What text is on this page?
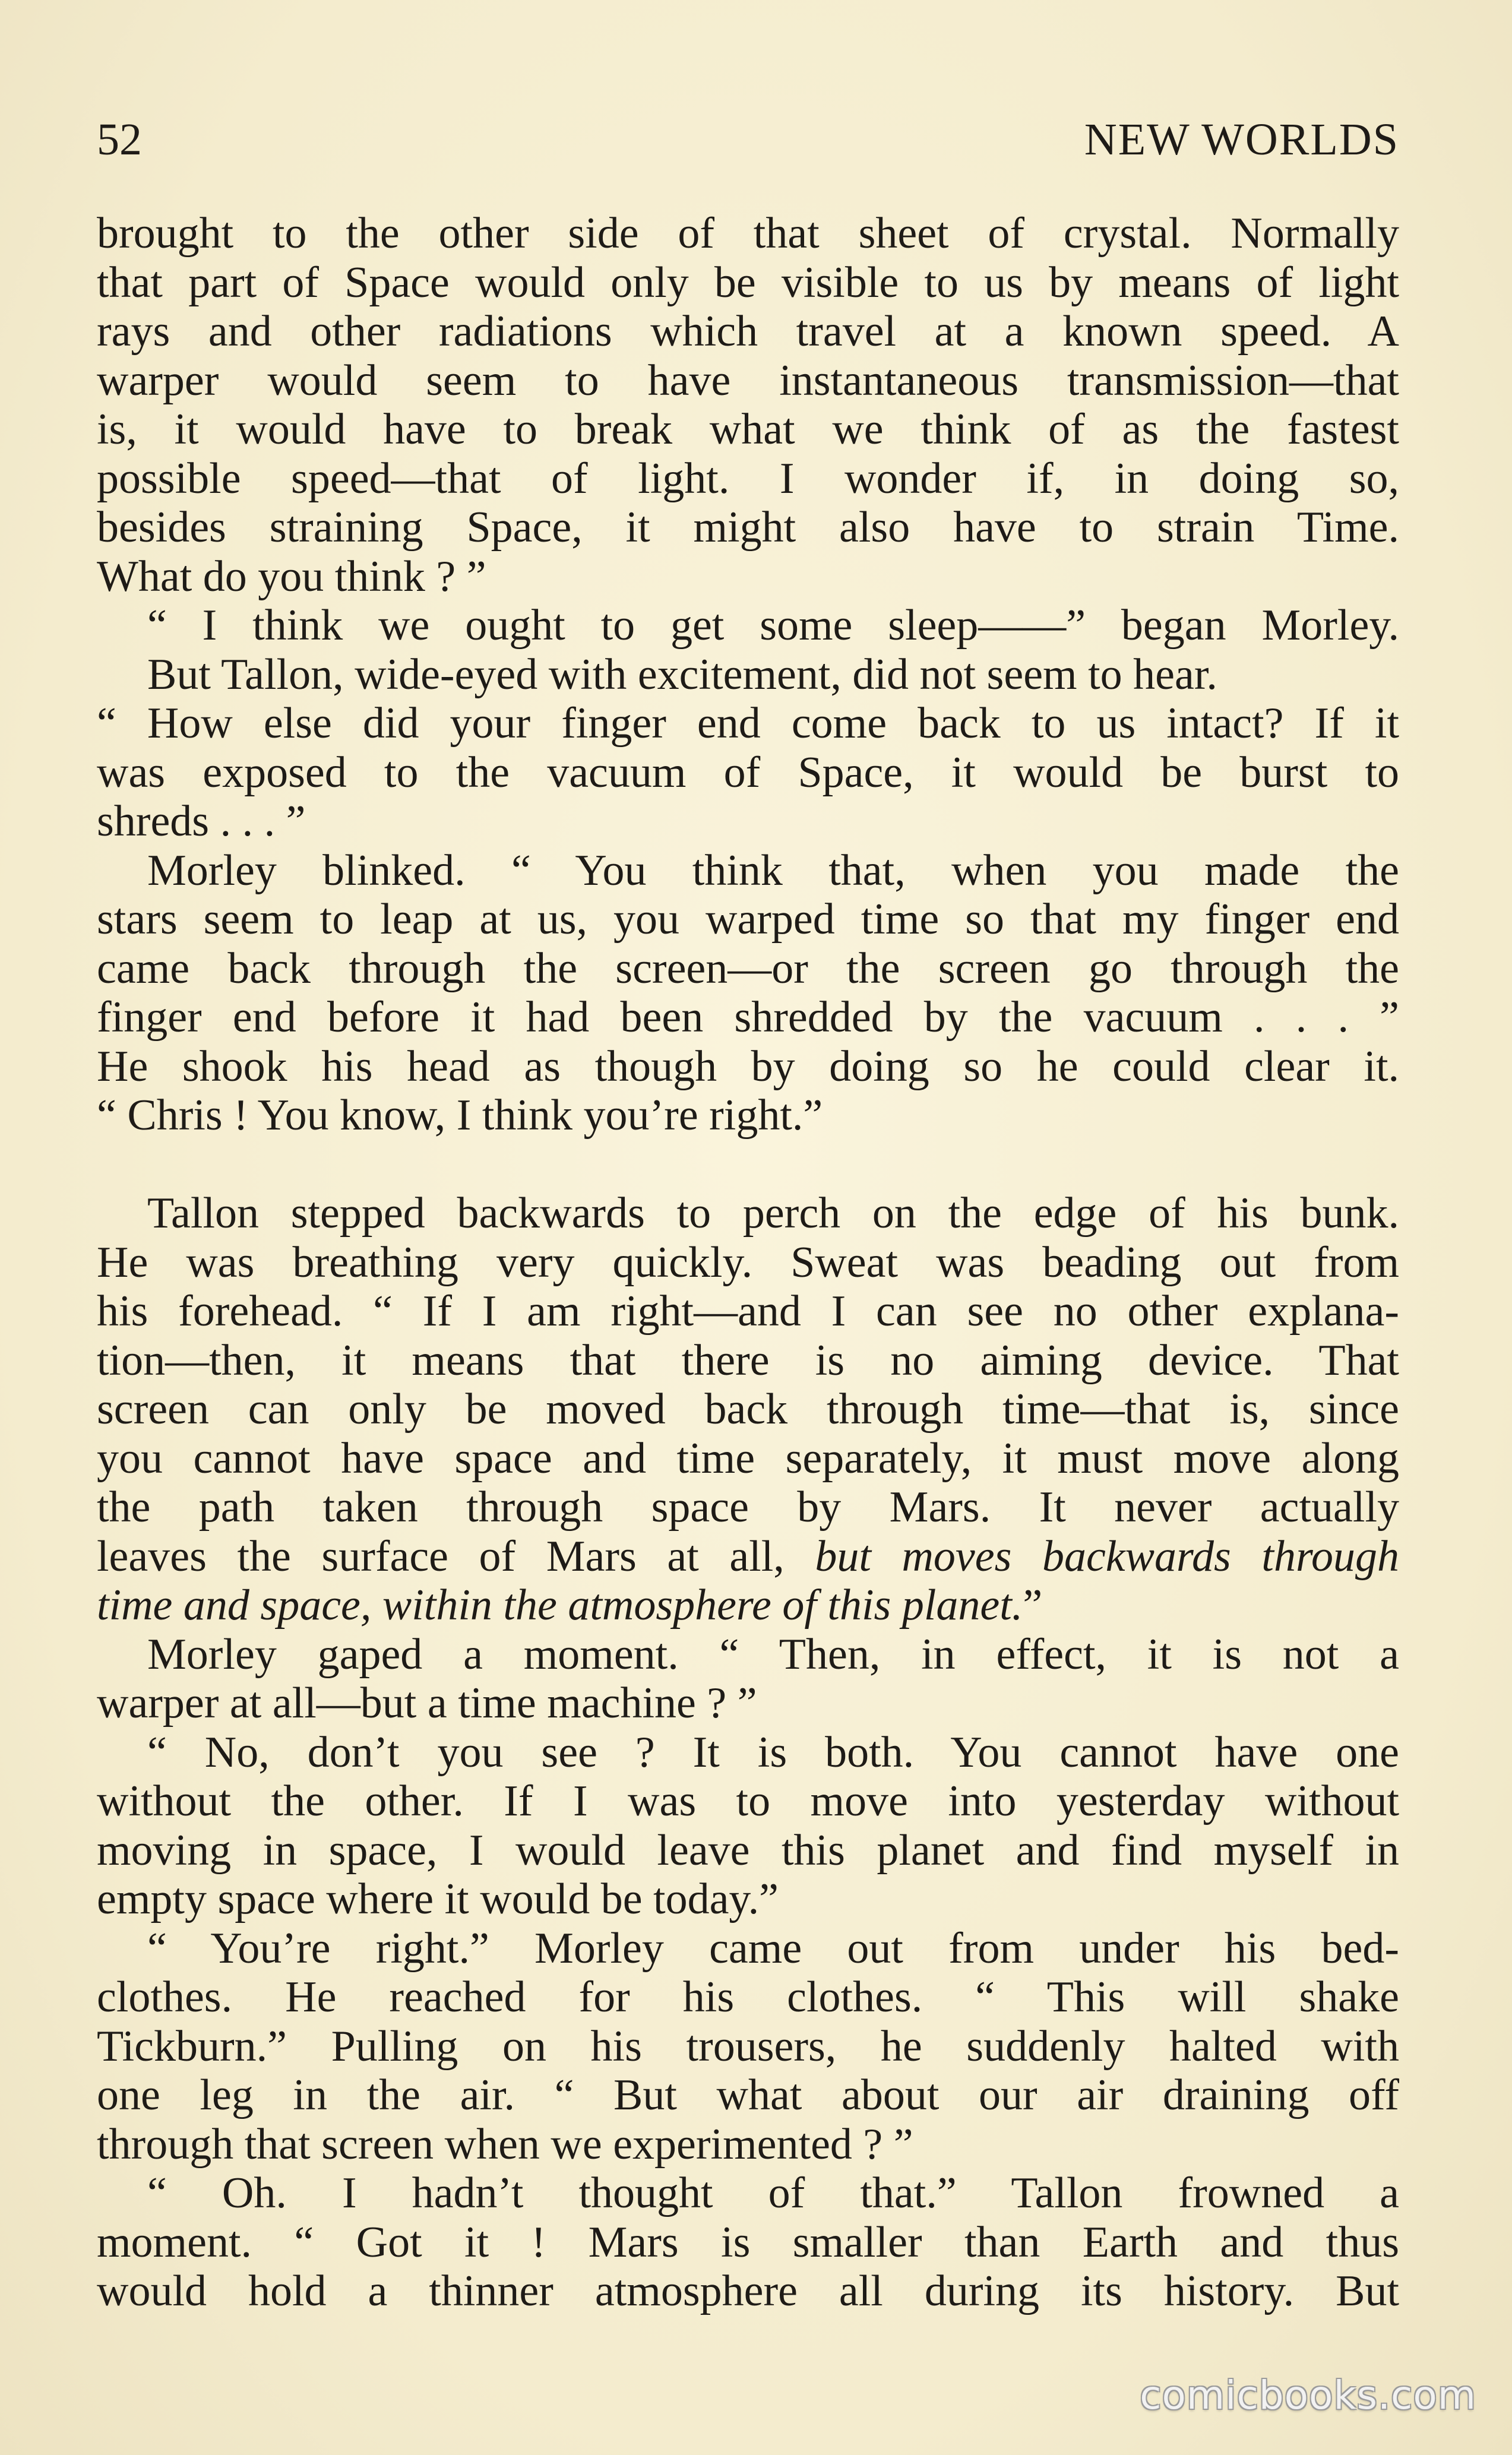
52	NEW WORLDS
brought to the other side of that sheet of crystal. Normally
that part of Space would only be visible to us by means of light
rays and other radiations which travel at a known speed. A
warper would seem to have instantaneous transmission—that
is, it would have to break what we think of as the fastest
possible speed—that of light. I wonder if, in doing so,
besides straining Space, it might also have to strain Time.
What do you think ? ”
“ I think we ought to get some sleep——” began Morley.
But Tallon, wide-eyed with excitement, did not seem to hear.
“ How else did your finger end come back to us intact? If it
was exposed to the vacuum of Space, it would be burst to
shreds . . . ”
Morley blinked. “ You think that, when you made the
stars seem to leap at us, you warped time so that my finger end
came back through the screen—or the screen go through the
finger end before it had been shredded by the vacuum . . . ”
He shook his head as though by doing so he could clear it.
“ Chris ! You know, I think you’re right.”
Tallon stepped backwards to perch on the edge of his bunk.
He was breathing very quickly. Sweat was beading out from
his forehead. “ If I am right—and I can see no other explana-
tion—then, it means that there is no aiming device. That
screen can only be moved back through time—that is, since
you cannot have space and time separately, it must move along
the path taken through space by Mars. It never actually
leaves the surface of Mars at all, but moves backwards through
time and space, within the atmosphere of this planet.”
Morley gaped a moment. “ Then, in effect, it is not a
warper at all—but a time machine ? ”
“ No, don’t you see ? It is both. You cannot have one
without the other. If I was to move into yesterday without
moving in space, I would leave this planet and find myself in
empty space where it would be today.”
“ You’re right.” Morley came out from under his bed-
clothes. He reached for his clothes. “ This will shake
Tickburn.” Pulling on his trousers, he suddenly halted with
one leg in the air. “ But what about our air draining off
through that screen when we experimented ? ”
“ Oh. I hadn’t thought of that.” Tallon frowned a
moment. “ Got it ! Mars is smaller than Earth and thus
would hold a thinner atmosphere all during its history. But
comicbooks.com
